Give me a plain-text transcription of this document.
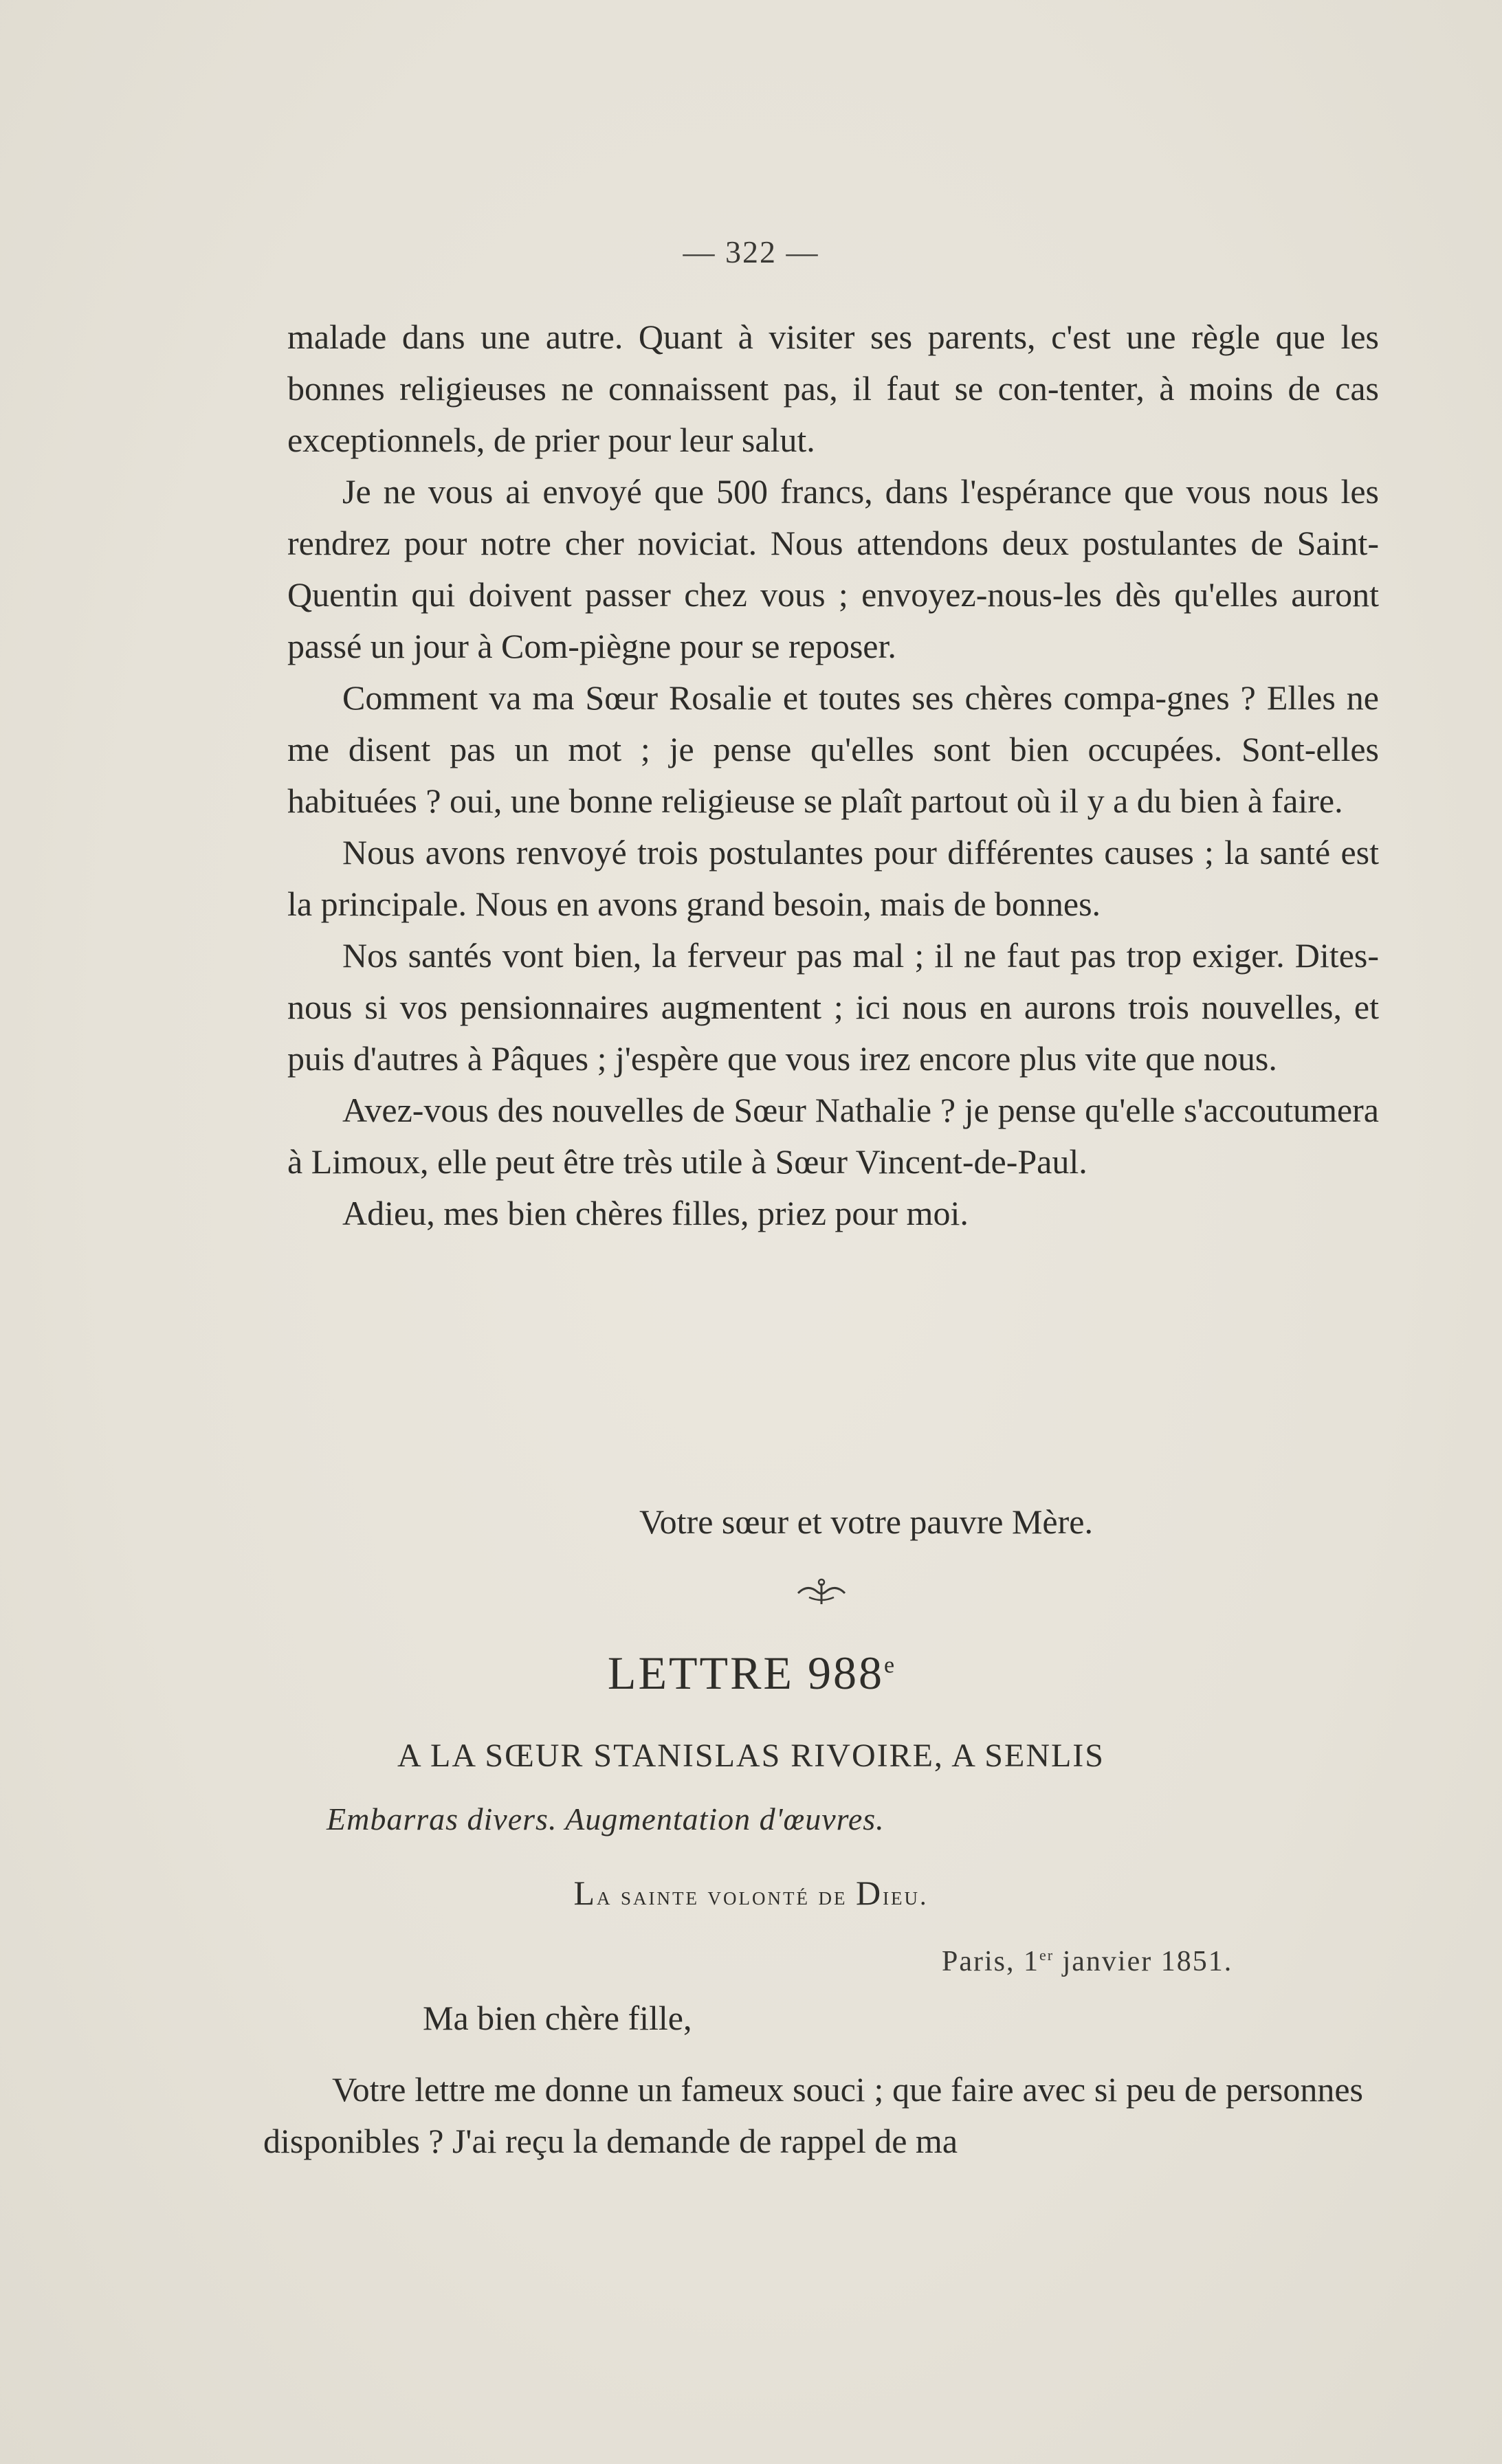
— 322 —

malade dans une autre. Quant à visiter ses parents, c'est une règle que les bonnes religieuses ne connaissent pas, il faut se con-tenter, à moins de cas exceptionnels, de prier pour leur salut.

Je ne vous ai envoyé que 500 francs, dans l'espérance que vous nous les rendrez pour notre cher noviciat. Nous attendons deux postulantes de Saint-Quentin qui doivent passer chez vous ; envoyez-nous-les dès qu'elles auront passé un jour à Com-piègne pour se reposer.

Comment va ma Sœur Rosalie et toutes ses chères compa-gnes ? Elles ne me disent pas un mot ; je pense qu'elles sont bien occupées. Sont-elles habituées ? oui, une bonne religieuse se plaît partout où il y a du bien à faire.

Nous avons renvoyé trois postulantes pour différentes causes ; la santé est la principale. Nous en avons grand besoin, mais de bonnes.

Nos santés vont bien, la ferveur pas mal ; il ne faut pas trop exiger. Dites-nous si vos pensionnaires augmentent ; ici nous en aurons trois nouvelles, et puis d'autres à Pâques ; j'espère que vous irez encore plus vite que nous.

Avez-vous des nouvelles de Sœur Nathalie ? je pense qu'elle s'accoutumera à Limoux, elle peut être très utile à Sœur Vincent-de-Paul.

Adieu, mes bien chères filles, priez pour moi.

Votre sœur et votre pauvre Mère.
LETTRE 988e
A LA SŒUR STANISLAS RIVOIRE, A SENLIS
Embarras divers. Augmentation d'œuvres.
La sainte volonté de Dieu.
Paris, 1er janvier 1851.
Ma bien chère fille,

Votre lettre me donne un fameux souci ; que faire avec si peu de personnes disponibles ? J'ai reçu la demande de rappel de ma
